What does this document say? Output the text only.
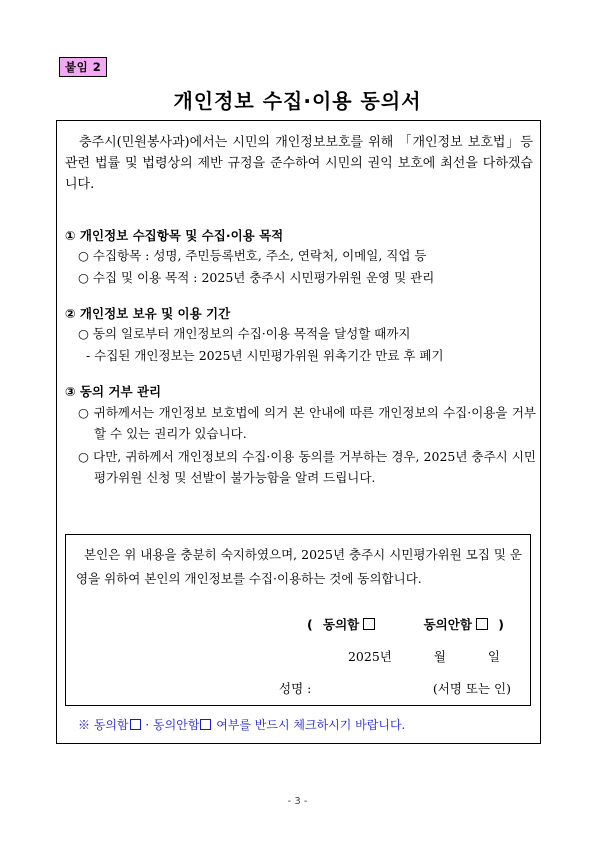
붙임 2
개인정보 수집·이용 동의서
충주시(민원봉사과)에서는 시민의 개인정보보호를 위해 「개인정보 보호법」등 관련 법률 및 법령상의 제반 규정을 준수하여 시민의 권익 보호에 최선을 다하겠습니다.
① 개인정보 수집항목 및 수집·이용 목적
○ 수집항목 : 성명, 주민등록번호, 주소, 연락처, 이메일, 직업 등
○ 수집 및 이용 목적 : 2025년 충주시 시민평가위원 운영 및 관리
② 개인정보 보유 및 이용 기간
○ 동의 일로부터 개인정보의 수집·이용 목적을 달성할 때까지
- 수집된 개인정보는 2025년 시민평가위원 위촉기간 만료 후 폐기
③ 동의 거부 관리
○ 귀하께서는 개인정보 보호법에 의거 본 안내에 따른 개인정보의 수집·이용을 거부할 수 있는 권리가 있습니다.
○ 다만, 귀하께서 개인정보의 수집·이용 동의를 거부하는 경우, 2025년 충주시 시민평가위원 신청 및 선발이 불가능함을 알려 드립니다.
본인은 위 내용을 충분히 숙지하였으며, 2025년 충주시 시민평가위원 모집 및 운영을 위하여 본인의 개인정보를 수집·이용하는 것에 동의합니다.
( 동의함	동의안함 )
2025년	월	일
성명 :	(서명 또는 인)
※ 동의함 · 동의안함 여부를 반드시 체크하시기 바랍니다.
- 3 -
